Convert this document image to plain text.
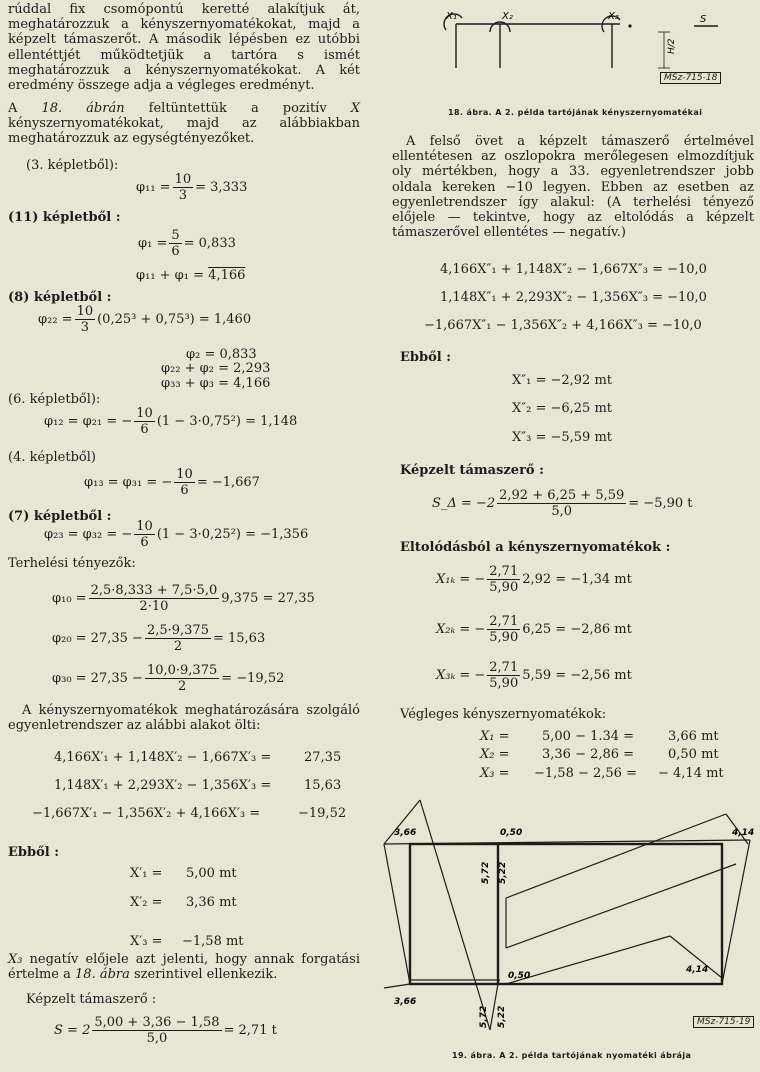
rúddal fix csomópontú keretté alakítjuk át, meghatározzuk a kényszernyomatékokat, majd a képzelt támaszerőt. A második lépésben ez utóbbi ellentéttjét működtetjük a tartóra s ismét meghatározzuk a kényszernyomatékokat. A két eredmény összege adja a végleges eredményt.
A 18. ábrán feltüntettük a pozitív X kényszernyomatékokat, majd az alábbiakban meghatározzuk az egységtényezőket.
(3. képletből):
$\varphi_{11} = \frac{10}{3} = 3,333$
(11) képletből :
$\varphi_1 = \frac{5}{6} = 0,833$
φ₁₁ + φ₁ = 4,166
(8) képletből :
$\varphi_{22} = \frac{10}{3} (0,25^3 + 0,75^3) = 1,460$
φ₂ = 0,833
φ₂₂ + φ₂ = 2,293
φ₃₃ + φ₃ = 4,166
(6. képletből):
φ₁₂ = φ₂₁ = − $\frac{10}{6} (1 - 3\cdot 0,75^2) = 1,148$
(4. képletből)
φ₁₃ = φ₃₁ = − $\frac{10}{6} = -1,667$
(7) képletből :
φ₂₃ = φ₃₂ = − $\frac{10}{6} (1 - 3\cdot 0,25^2) = -1,356$
Terhelési tényezők:
$\varphi_{10} = \frac{2,5\cdot 8,333 + 7,5\cdot 5,0}{2\cdot 10} 9,375 = 27,35$
$\varphi_{20} = 27,35 - \frac{2,5\cdot 9,375}{2} = 15,63$
$\varphi_{30} = 27,35 - \frac{10,0\cdot 9,375}{2} = -19,52$
A kényszernyomatékok meghatározására szolgáló egyenletrendszer az alábbi alakot ölti:
4,166X′₁ + 1,148X′₂ − 1,667X′₃ =	27,35
1,148X′₁ + 2,293X′₂ − 1,356X′₃ =	15,63
−1,667X′₁ − 1,356X′₂ + 4,166X′₃ =	−19,52
Ebből :
X′₁ = 5,00 mt
X′₂ = 3,36 mt
X′₃ = −1,58 mt
X₃ negatív előjele azt jelenti, hogy annak forgatási értelme a 18. ábra szerintivel ellenkezik.
Képzelt támaszerő :
$S = 2 \frac{5,00 + 3,36 - 1,58}{5,0} = 2,71$ t
X₁	X₂	X₃	S
H/2
MSz-715-18
18. ábra. A 2. példa tartójának kényszernyomatékai
A felső övet a képzelt támaszerő értelmével ellentétesen az oszlopokra merőlegesen elmozdítjuk oly mértékben, hogy a 33. egyenletrendszer jobb oldala kereken −10 legyen. Ebben az esetben az egyenletrendszer így alakul: (A terhelési tényező előjele — tekintve, hogy az eltolódás a képzelt támaszerővel ellentétes — negatív.)
4,166X″₁ + 1,148X″₂ − 1,667X″₃ = −10,0
1,148X″₁ + 2,293X″₂ − 1,356X″₃ = −10,0
−1,667X″₁ − 1,356X″₂ + 4,166X″₃ = −10,0
Ebből :
X″₁ = −2,92 mt
X″₂ = −6,25 mt
X″₃ = −5,59 mt
Képzelt támaszerő :
S_Δ = $-2 \frac{2,92 + 6,25 + 5,59}{5,0} = -5,90$ t
Eltolódásból a kényszernyomatékok :
X₁ₖ = − $\frac{2,71}{5,90} 2,92 = -1,34$ mt
X₂ₖ = − $\frac{2,71}{5,90} 6,25 = -2,86$ mt
X₃ₖ = − $\frac{2,71}{5,90} 5,59 = -2,56$ mt
Végleges kényszernyomatékok:
X₁ =	5,00 − 1.34 =	3,66 mt
X₂ =	3,36 − 2,86 =	0,50 mt
X₃ = −1,58 − 2,56 = − 4,14 mt
3,66	0,50	4,14
5,72 5,22
0,50
4,14
3,66
5,72 5,22	MSz-715-19
19. ábra. A 2. példa tartójának nyomatéki ábrája
